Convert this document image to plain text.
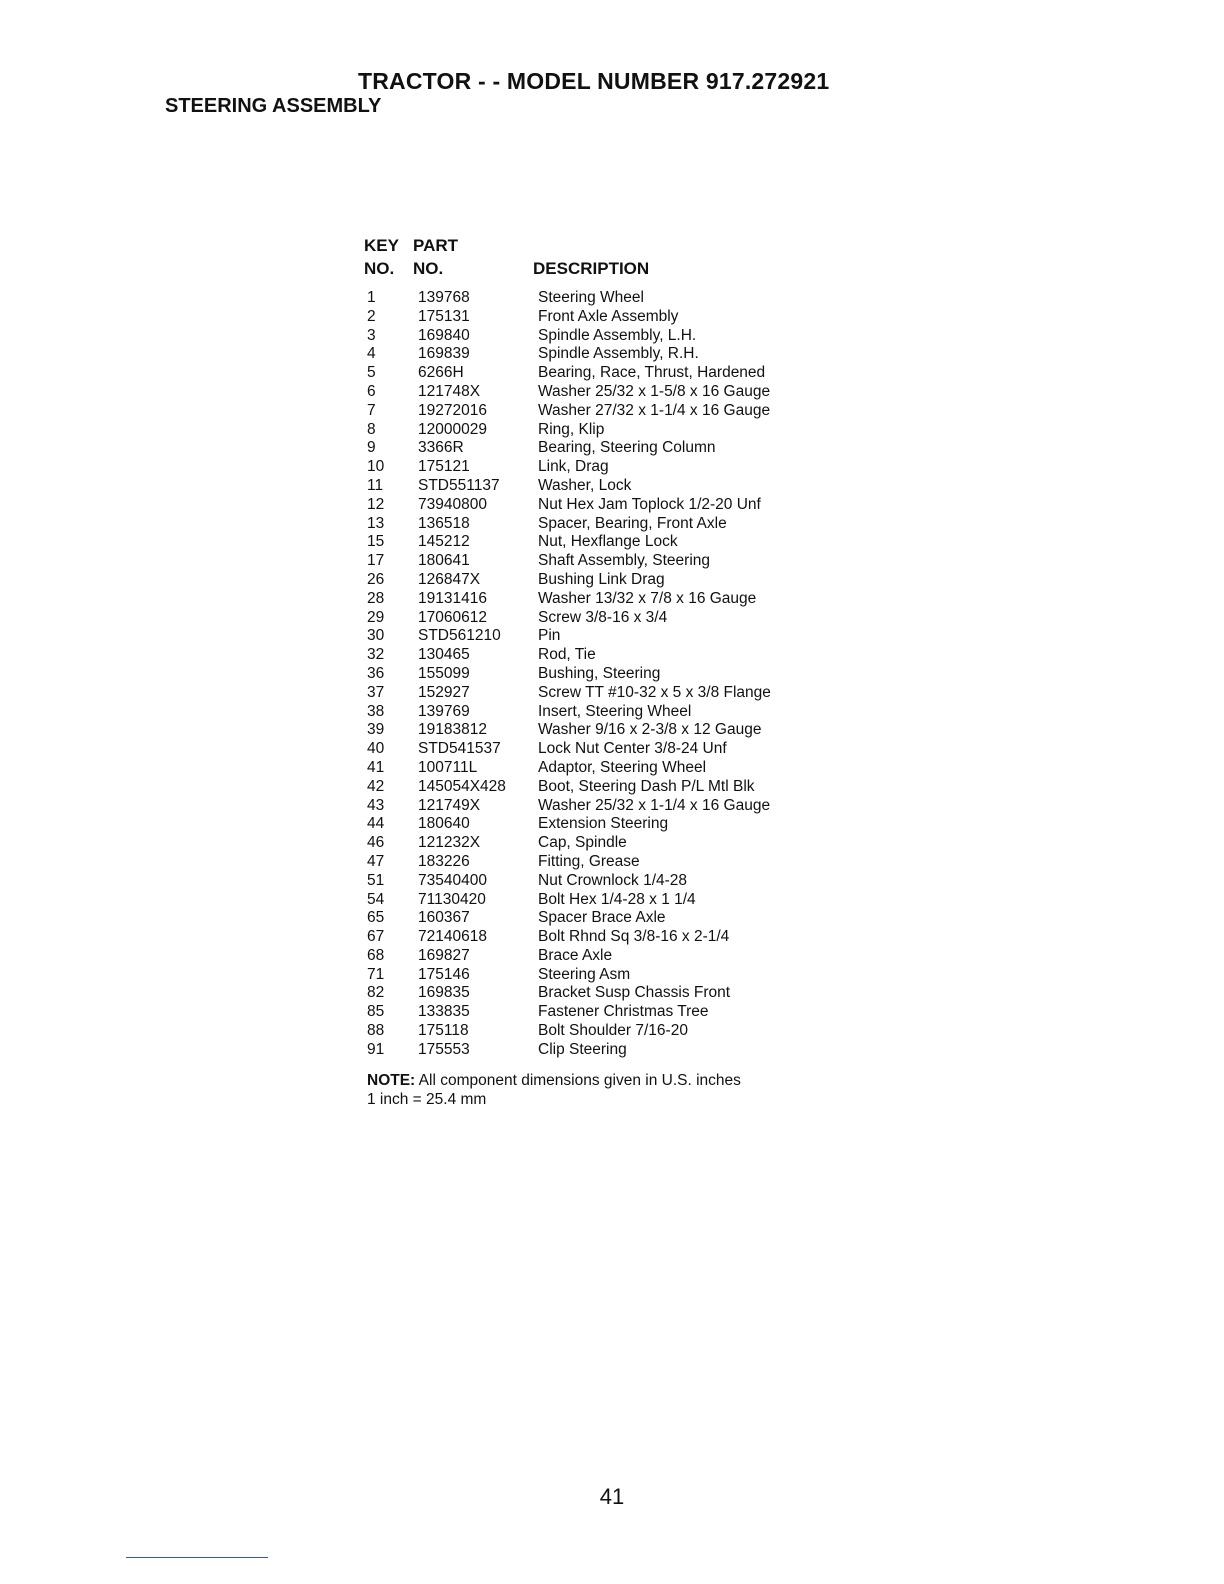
TRACTOR - - MODEL NUMBER 917.272921
STEERING ASSEMBLY
KEY PART
NO. NO.	DESCRIPTION
1	139768	Steering Wheel
2	175131	Front Axle Assembly
3	169840	Spindle Assembly, L.H.
4	169839	Spindle Assembly, R.H.
5	6266H	Bearing, Race, Thrust, Hardened
6	121748X	Washer 25/32 x 1-5/8 x 16 Gauge
7	19272016	Washer 27/32 x 1-1/4 x 16 Gauge
8	12000029	Ring, Klip
9	3366R	Bearing, Steering Column
10 175121	Link, Drag
11 STD551137 Washer, Lock
12 73940800	Nut Hex Jam Toplock 1/2-20 Unf
13 136518	Spacer, Bearing, Front Axle
15 145212	Nut, Hexflange Lock
17 180641	Shaft Assembly, Steering
26 126847X	Bushing Link Drag
28 19131416	Washer 13/32 x 7/8 x 16 Gauge
29 17060612	Screw 3/8-16 x 3/4
30 STD561210 Pin
32 130465	Rod, Tie
36 155099	Bushing, Steering
37 152927	Screw TT #10-32 x 5 x 3/8 Flange
38 139769	Insert, Steering Wheel
39 19183812	Washer 9/16 x 2-3/8 x 12 Gauge
40 STD541537 Lock Nut Center 3/8-24 Unf
41 100711L	Adaptor, Steering Wheel
42 145054X428 Boot, Steering Dash P/L Mtl Blk
43 121749X	Washer 25/32 x 1-1/4 x 16 Gauge
44 180640	Extension Steering
46 121232X	Cap, Spindle
47 183226	Fitting, Grease
51 73540400	Nut Crownlock 1/4-28
54 71130420	Bolt Hex 1/4-28 x 1 1/4
65 160367	Spacer Brace Axle
67 72140618	Bolt Rhnd Sq 3/8-16 x 2-1/4
68 169827	Brace Axle
71 175146	Steering Asm
82 169835	Bracket Susp Chassis Front
85 133835	Fastener Christmas Tree
88 175118	Bolt Shoulder 7/16-20
91 175553	Clip Steering
NOTE: All component dimensions given in U.S. inches
1 inch = 25.4 mm
41
